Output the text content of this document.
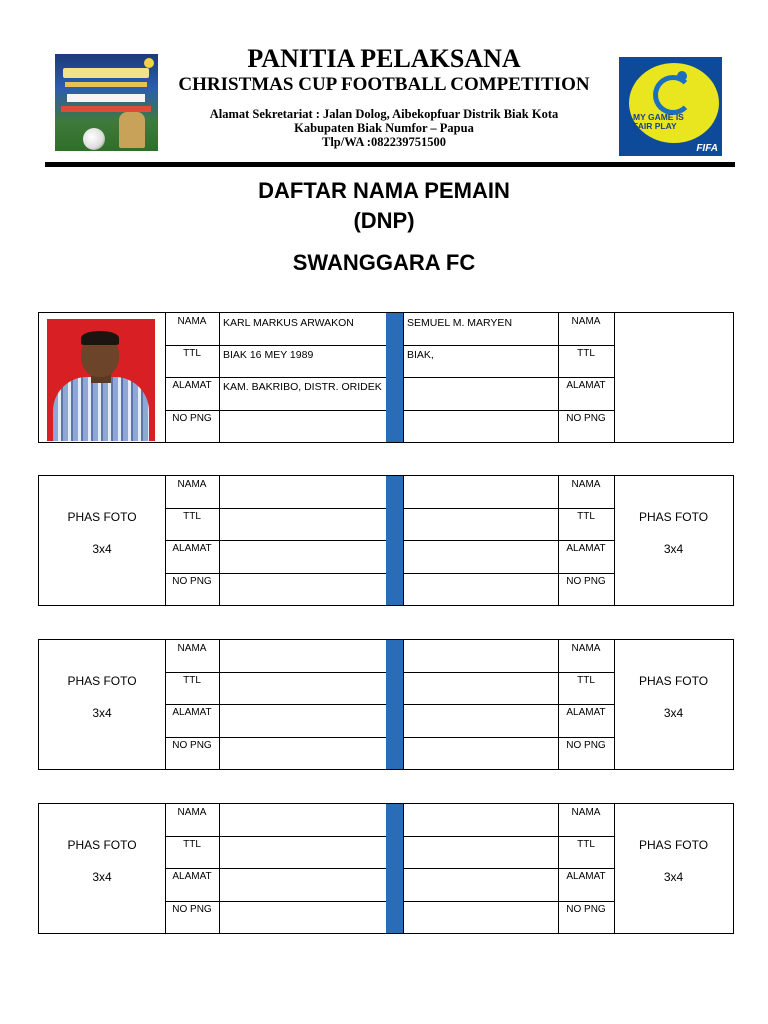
PANITIA PELAKSANA
CHRISTMAS CUP FOOTBALL COMPETITION
Alamat Sekretariat : Jalan Dolog, Aibekopfuar Distrik Biak Kota
Kabupaten Biak Numfor – Papua
Tlp/WA :082239751500
MY GAME IS
FAIR PLAY
FIFA
DAFTAR NAMA PEMAIN
(DNP)
SWANGGARA FC
NAMA	KARL MARKUS ARWAKON	SEMUEL M. MARYEN	NAMA
TTL	BIAK 16 MEY 1989	BIAK,	TTL
ALAMAT	KAM. BAKRIBO, DISTR. ORIDEK	ALAMAT
NO PNG	NO PNG
NAMA	NAMA
TTL	TTL
ALAMAT	ALAMAT
NO PNG	NO PNG
PHAS FOTO
3x4
PHAS FOTO
3x4
NAMA	NAMA
TTL	TTL
ALAMAT	ALAMAT
NO PNG	NO PNG
PHAS FOTO
3x4
PHAS FOTO
3x4
NAMA	NAMA
TTL	TTL
ALAMAT	ALAMAT
NO PNG	NO PNG
PHAS FOTO
3x4
PHAS FOTO
3x4
